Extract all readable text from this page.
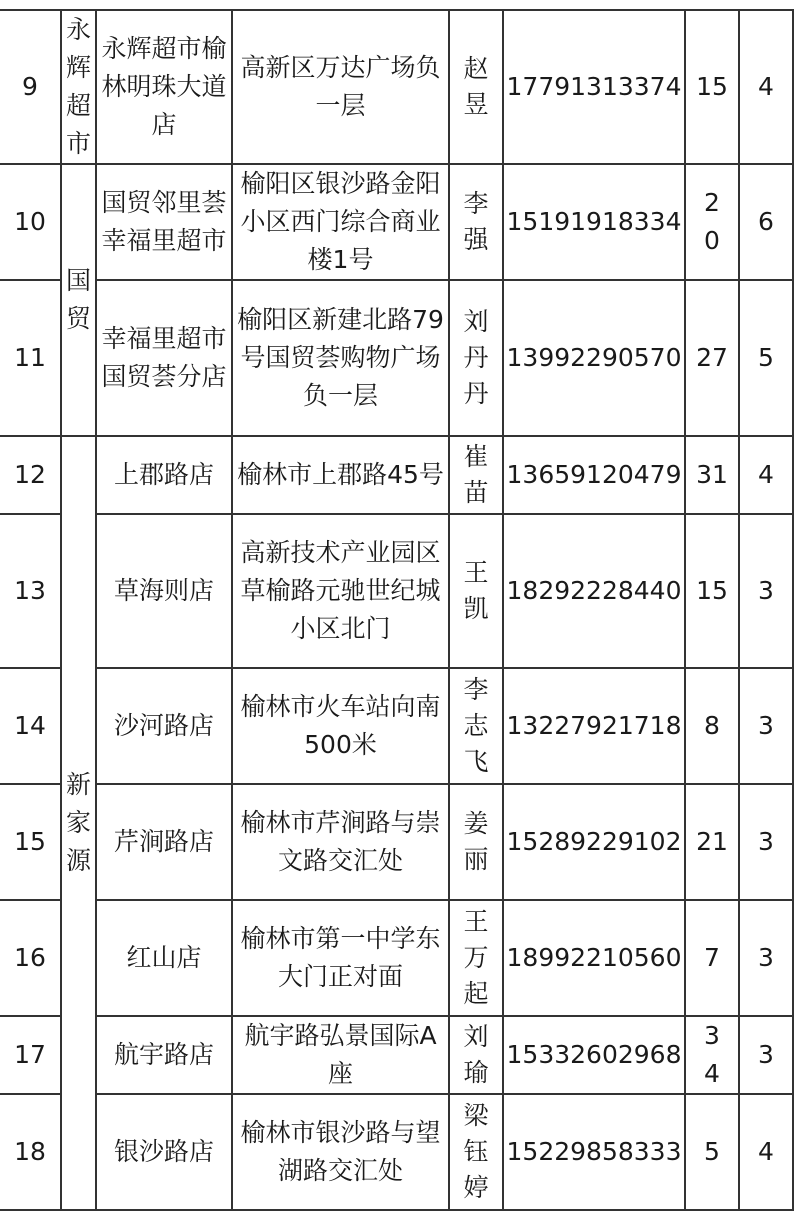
9	永辉超市	永辉超市榆林明珠大道店	高新区万达广场负一层	赵昱	17791313374	15	4
10	国贸	国贸邻里荟幸福里超市	榆阳区银沙路金阳小区西门综合商业楼1号	李强	15191918334	20	6
11		幸福里超市国贸荟分店	榆阳区新建北路79号国贸荟购物广场负一层	刘丹丹	13992290570	27	5
12	新家源	上郡路店	榆林市上郡路45号	崔苗	13659120479	31	4
13		草海则店	高新技术产业园区草榆路元驰世纪城小区北门	王凯	18292228440	15	3
14		沙河路店	榆林市火车站向南500米	李志飞	13227921718	8	3
15		芹涧路店	榆林市芹涧路与崇文路交汇处	姜丽	15289229102	21	3
16		红山店	榆林市第一中学东大门正对面	王万起	18992210560	7	3
17		航宇路店	航宇路弘景国际A座	刘瑜	15332602968	34	3
18		银沙路店	榆林市银沙路与望湖路交汇处	梁钰婷	15229858333	5	4
